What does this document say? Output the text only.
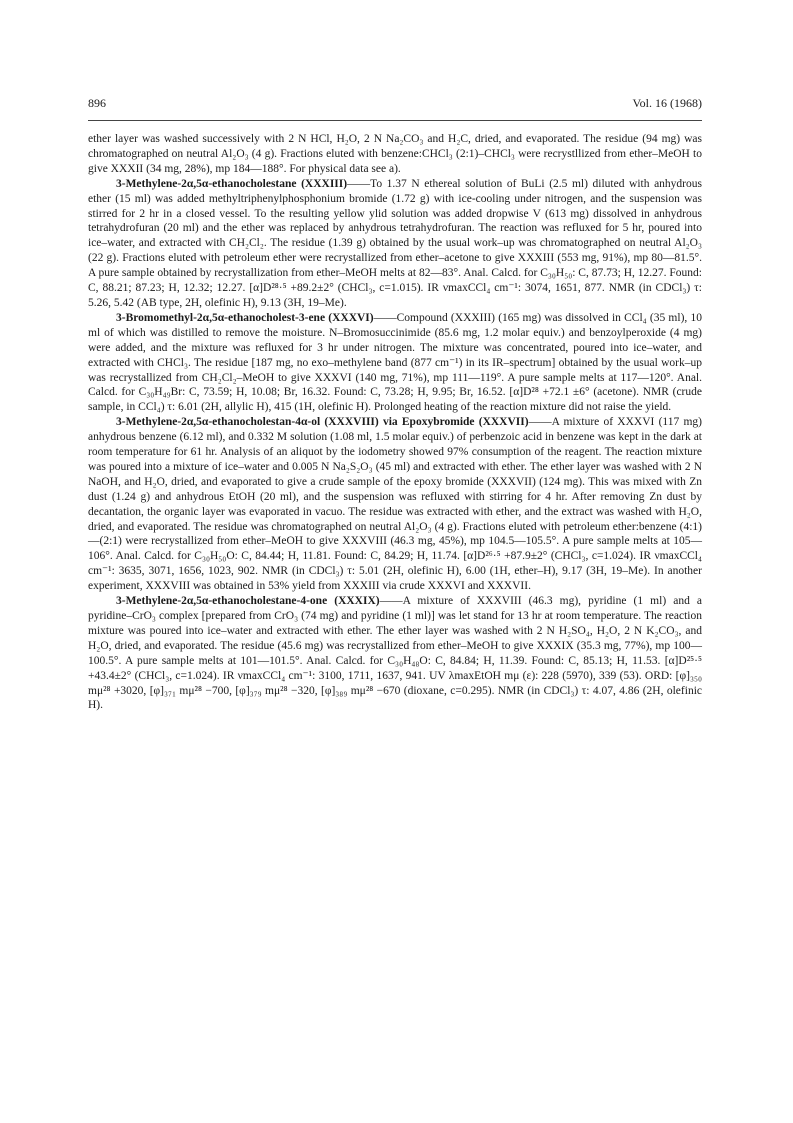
896	Vol. 16 (1968)

ether layer was washed successively with 2 N HCl, H₂O, 2 N Na₂CO₃ and H₂C, dried, and evaporated. The residue (94 mg) was chromatographed on neutral Al₂O₃ (4 g). Fractions eluted with benzene:CHCl₃ (2:1)–CHCl₃ were recrystllized from ether–MeOH to give XXXII (34 mg, 28%), mp 184—188°. For physical data see a).

3-Methylene-2α,5α-ethanocholestane (XXXIII)——To 1.37 N ethereal solution of BuLi (2.5 ml) diluted with anhydrous ether (15 ml) was added methyltriphenylphosphonium bromide (1.72 g) with ice-cooling under nitrogen, and the suspension was stirred for 2 hr in a closed vessel. To the resulting yellow ylid solution was added dropwise V (613 mg) dissolved in anhydrous tetrahydrofuran (20 ml) and the ether was replaced by anhydrous tetrahydrofuran. The reaction was refluxed for 5 hr, poured into ice–water, and extracted with CH₂Cl₂. The residue (1.39 g) obtained by the usual work–up was chromatographed on neutral Al₂O₃ (22 g). Fractions eluted with petroleum ether were recrystallized from ether–acetone to give XXXIII (553 mg, 91%), mp 80—81.5°. A pure sample obtained by recrystallization from ether–MeOH melts at 82—83°. Anal. Calcd. for C₃₀H₅₀: C, 87.73; H, 12.27. Found: C, 88.21; 87.23; H, 12.32; 12.27. [α]D²⁸·⁵ +89.2±2° (CHCl₃, c=1.015). IR νmaxCCl₄ cm⁻¹: 3074, 1651, 877. NMR (in CDCl₃) τ: 5.26, 5.42 (AB type, 2H, olefinic H), 9.13 (3H, 19–Me).

3-Bromomethyl-2α,5α-ethanocholest-3-ene (XXXVI)——Compound (XXXIII) (165 mg) was dissolved in CCl₄ (35 ml), 10 ml of which was distilled to remove the moisture. N–Bromosuccinimide (85.6 mg, 1.2 molar equiv.) and benzoylperoxide (4 mg) were added, and the mixture was refluxed for 3 hr under nitrogen. The mixture was concentrated, poured into ice–water, and extracted with CHCl₃. The residue [187 mg, no exo–methylene band (877 cm⁻¹) in its IR–spectrum] obtained by the usual work–up was recrystallized from CH₂Cl₂–MeOH to give XXXVI (140 mg, 71%), mp 111—119°. A pure sample melts at 117—120°. Anal. Calcd. for C₃₀H₄₉Br: C, 73.59; H, 10.08; Br, 16.32. Found: C, 73.28; H, 9.95; Br, 16.52. [α]D²⁸ +72.1 ±6° (acetone). NMR (crude sample, in CCl₄) τ: 6.01 (2H, allylic H), 415 (1H, olefinic H). Prolonged heating of the reaction mixture did not raise the yield.

3-Methylene-2α,5α-ethanocholestan-4α-ol (XXXVIII) via Epoxybromide (XXXVII)——A mixture of XXXVI (117 mg) anhydrous benzene (6.12 ml), and 0.332 M solution (1.08 ml, 1.5 molar equiv.) of perbenzoic acid in benzene was kept in the dark at room temperature for 61 hr. Analysis of an aliquot by the iodometry showed 97% consumption of the reagent. The reaction mixture was poured into a mixture of ice–water and 0.005 N Na₂S₂O₃ (45 ml) and extracted with ether. The ether layer was washed with 2 N NaOH, and H₂O, dried, and evaporated to give a crude sample of the epoxy bromide (XXXVII) (124 mg). This was mixed with Zn dust (1.24 g) and anhydrous EtOH (20 ml), and the suspension was refluxed with stirring for 4 hr. After removing Zn dust by decantation, the organic layer was evaporated in vacuo. The residue was extracted with ether, and the extract was washed with H₂O, dried, and evaporated. The residue was chromatographed on neutral Al₂O₃ (4 g). Fractions eluted with petroleum ether:benzene (4:1)—(2:1) were recrystallized from ether–MeOH to give XXXVIII (46.3 mg, 45%), mp 104.5—105.5°. A pure sample melts at 105—106°. Anal. Calcd. for C₃₀H₅₀O: C, 84.44; H, 11.81. Found: C, 84.29; H, 11.74. [α]D²⁶·⁵ +87.9±2° (CHCl₃, c=1.024). IR νmaxCCl₄ cm⁻¹: 3635, 3071, 1656, 1023, 902. NMR (in CDCl₃) τ: 5.01 (2H, olefinic H), 6.00 (1H, ether–H), 9.17 (3H, 19–Me). In another experiment, XXXVIII was obtained in 53% yield from XXXIII via crude XXXVI and XXXVII.

3-Methylene-2α,5α-ethanocholestane-4-one (XXXIX)——A mixture of XXXVIII (46.3 mg), pyridine (1 ml) and a pyridine–CrO₃ complex [prepared from CrO₃ (74 mg) and pyridine (1 ml)] was let stand for 13 hr at room temperature. The reaction mixture was poured into ice–water and extracted with ether. The ether layer was washed with 2 N H₂SO₄, H₂O, 2 N K₂CO₃, and H₂O, dried, and evaporated. The residue (45.6 mg) was recrystallized from ether–MeOH to give XXXIX (35.3 mg, 77%), mp 100—100.5°. A pure sample melts at 101—101.5°. Anal. Calcd. for C₃₀H₄₈O: C, 84.84; H, 11.39. Found: C, 85.13; H, 11.53. [α]D²⁵·⁵ +43.4±2° (CHCl₃, c=1.024). IR νmaxCCl₄ cm⁻¹: 3100, 1711, 1637, 941. UV λmaxEtOH mμ (ε): 228 (5970), 339 (53). ORD: [φ]₃₅₀ mμ²⁸ +3020, [φ]₃₇₁ mμ²⁸ −700, [φ]₃₇₉ mμ²⁸ −320, [φ]₃₈₉ mμ²⁸ −670 (dioxane, c=0.295). NMR (in CDCl₃) τ: 4.07, 4.86 (2H, olefinic H).
